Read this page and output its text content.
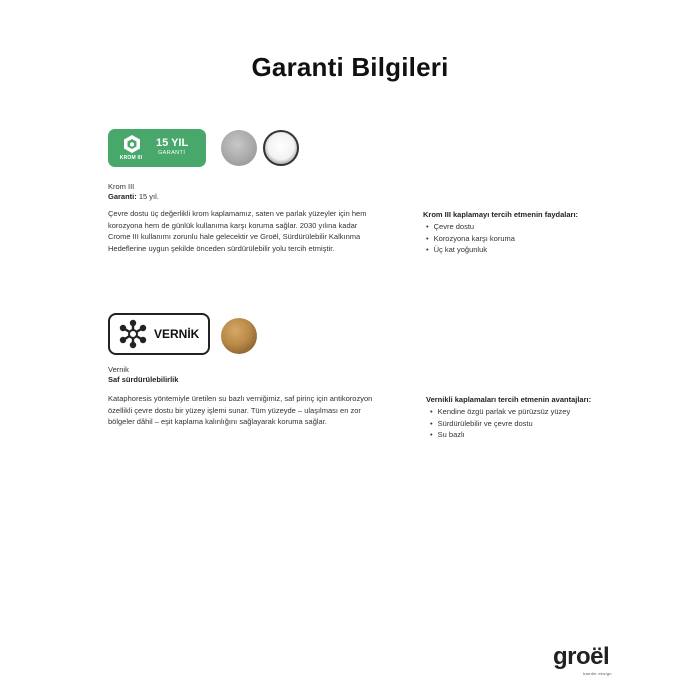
Garanti Bilgileri
KROM III
15 YIL
GARANTİ
Krom III
Garanti: 15 yıl.
Çevre dostu üç değerlikli krom kaplamamız, saten ve parlak yüzeyler için hem korozyona hem de günlük kullanıma karşı koruma sağlar. 2030 yılına kadar Crome III kullanımı zorunlu hale gelecektir ve Groël, Sürdürülebilir Kalkınma Hedeflerine uygun şekilde önceden sürdürülebilir yolu tercih etmiştir.
Krom III kaplamayı tercih etmenin faydaları:
• Çevre dostu
• Korozyona karşı koruma
• Üç kat yoğunluk
VERNİK
Vernik
Saf sürdürülebilirlik
Kataphoresis yöntemiyle üretilen su bazlı verniğimiz, saf pirinç için antikorozyon özellikli çevre dostu bir yüzey işlemi sunar. Tüm yüzeyde – ulaşılması en zor bölgeler dâhil – eşit kaplama kalınlığını sağlayarak koruma sağlar.
Vernikli kaplamaları tercih etmenin avantajları:
• Kendine özgü parlak ve pürüzsüz yüzey
• Sürdürülebilir ve çevre dostu
• Su bazlı
groël
handle design
